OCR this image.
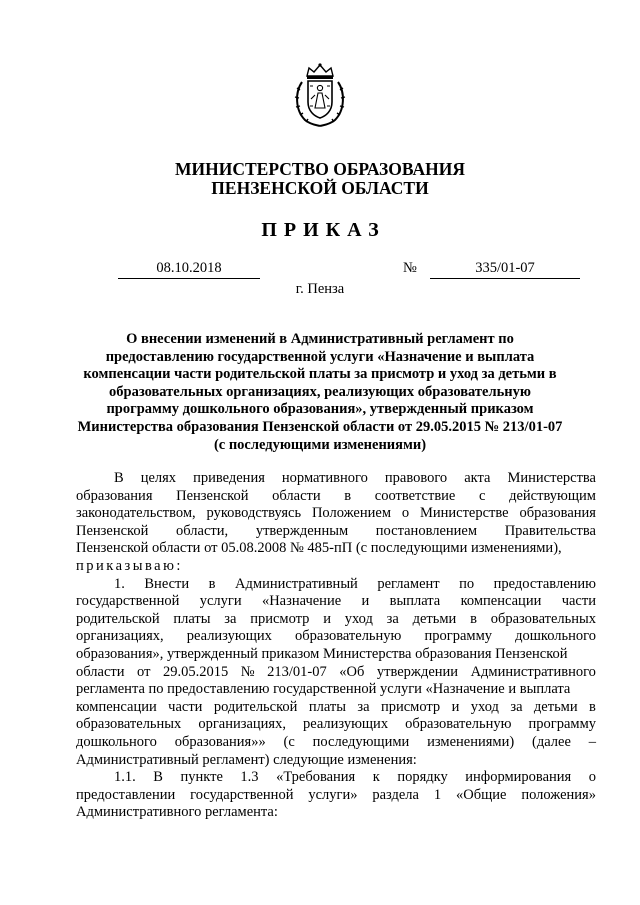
МИНИСТЕРСТВО ОБРАЗОВАНИЯ
ПЕНЗЕНСКОЙ ОБЛАСТИ
ПРИКАЗ
08.10.2018	№	335/01-07
г. Пенза
О внесении изменений в Административный регламент по
предоставлению государственной услуги «Назначение и выплата
компенсации части родительской платы за присмотр и уход за детьми в
образовательных организациях, реализующих образовательную
программу дошкольного образования», утвержденный приказом
Министерства образования Пензенской области от 29.05.2015 № 213/01-07
(с последующими изменениями)
В целях приведения нормативного правового акта Министерства
образования Пензенской области в соответствие с действующим
законодательством, руководствуясь Положением о Министерстве образования
Пензенской области, утвержденным постановлением Правительства
Пензенской области от 05.08.2008 № 485-пП (с последующими изменениями),
приказываю:
1. Внести в Административный регламент по предоставлению
государственной услуги «Назначение и выплата компенсации части
родительской платы за присмотр и уход за детьми в образовательных
организациях, реализующих образовательную программу дошкольного
образования», утвержденный приказом Министерства образования Пензенской
области от 29.05.2015 № 213/01-07 «Об утверждении Административного
регламента по предоставлению государственной услуги «Назначение и выплата
компенсации части родительской платы за присмотр и уход за детьми в
образовательных организациях, реализующих образовательную программу
дошкольного образования»» (с последующими изменениями) (далее –
Административный регламент) следующие изменения:
1.1. В пункте 1.3 «Требования к порядку информирования о
предоставлении государственной услуги» раздела 1 «Общие положения»
Административного регламента:
